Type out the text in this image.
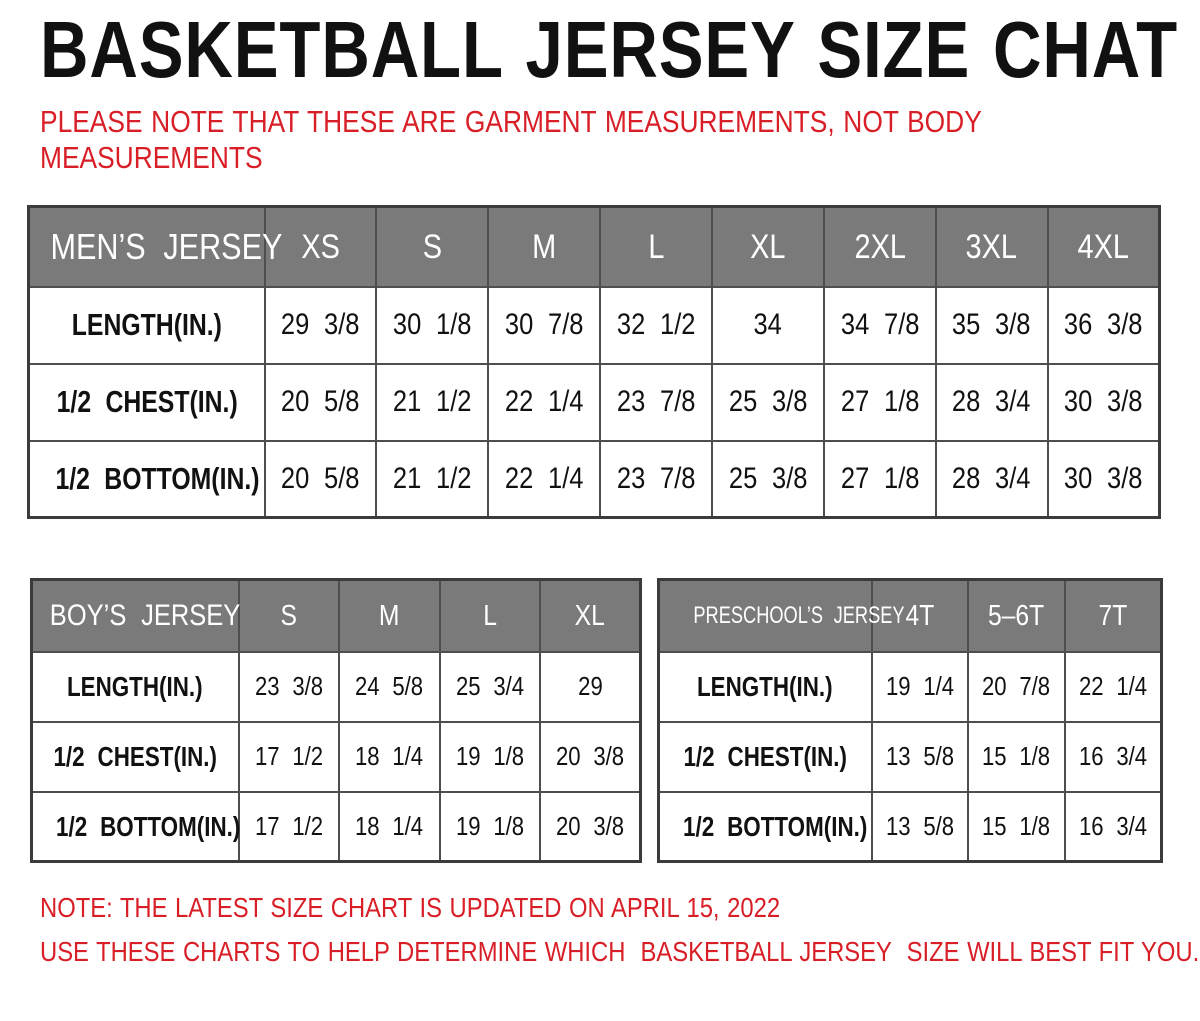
BASKETBALL JERSEY SIZE CHAT
PLEASE NOTE THAT THESE ARE GARMENT MEASUREMENTS, NOT BODY
MEASUREMENTS
MEN’S JERSEY	XS	S	M	L	XL	2XL	3XL	4XL
LENGTH(IN.)	29 3/8	30 1/8	30 7/8	32 1/2	34	34 7/8	35 3/8	36 3/8
1/2 CHEST(IN.)	20 5/8	21 1/2	22 1/4	23 7/8	25 3/8	27 1/8	28 3/4	30 3/8
1/2 BOTTOM(IN.)	20 5/8	21 1/2	22 1/4	23 7/8	25 3/8	27 1/8	28 3/4	30 3/8
BOY’S JERSEY	S	M	L	XL
LENGTH(IN.)	23 3/8	24 5/8	25 3/4	29
1/2 CHEST(IN.)	17 1/2	18 1/4	19 1/8	20 3/8
1/2 BOTTOM(IN.)	17 1/2	18 1/4	19 1/8	20 3/8
PRESCHOOL’S JERSEY	4T	5–6T	7T
LENGTH(IN.)	19 1/4	20 7/8	22 1/4
1/2 CHEST(IN.)	13 5/8	15 1/8	16 3/4
1/2 BOTTOM(IN.)	13 5/8	15 1/8	16 3/4
NOTE: THE LATEST SIZE CHART IS UPDATED ON APRIL 15, 2022
USE THESE CHARTS TO HELP DETERMINE WHICH  BASKETBALL JERSEY  SIZE WILL BEST FIT YOU.
